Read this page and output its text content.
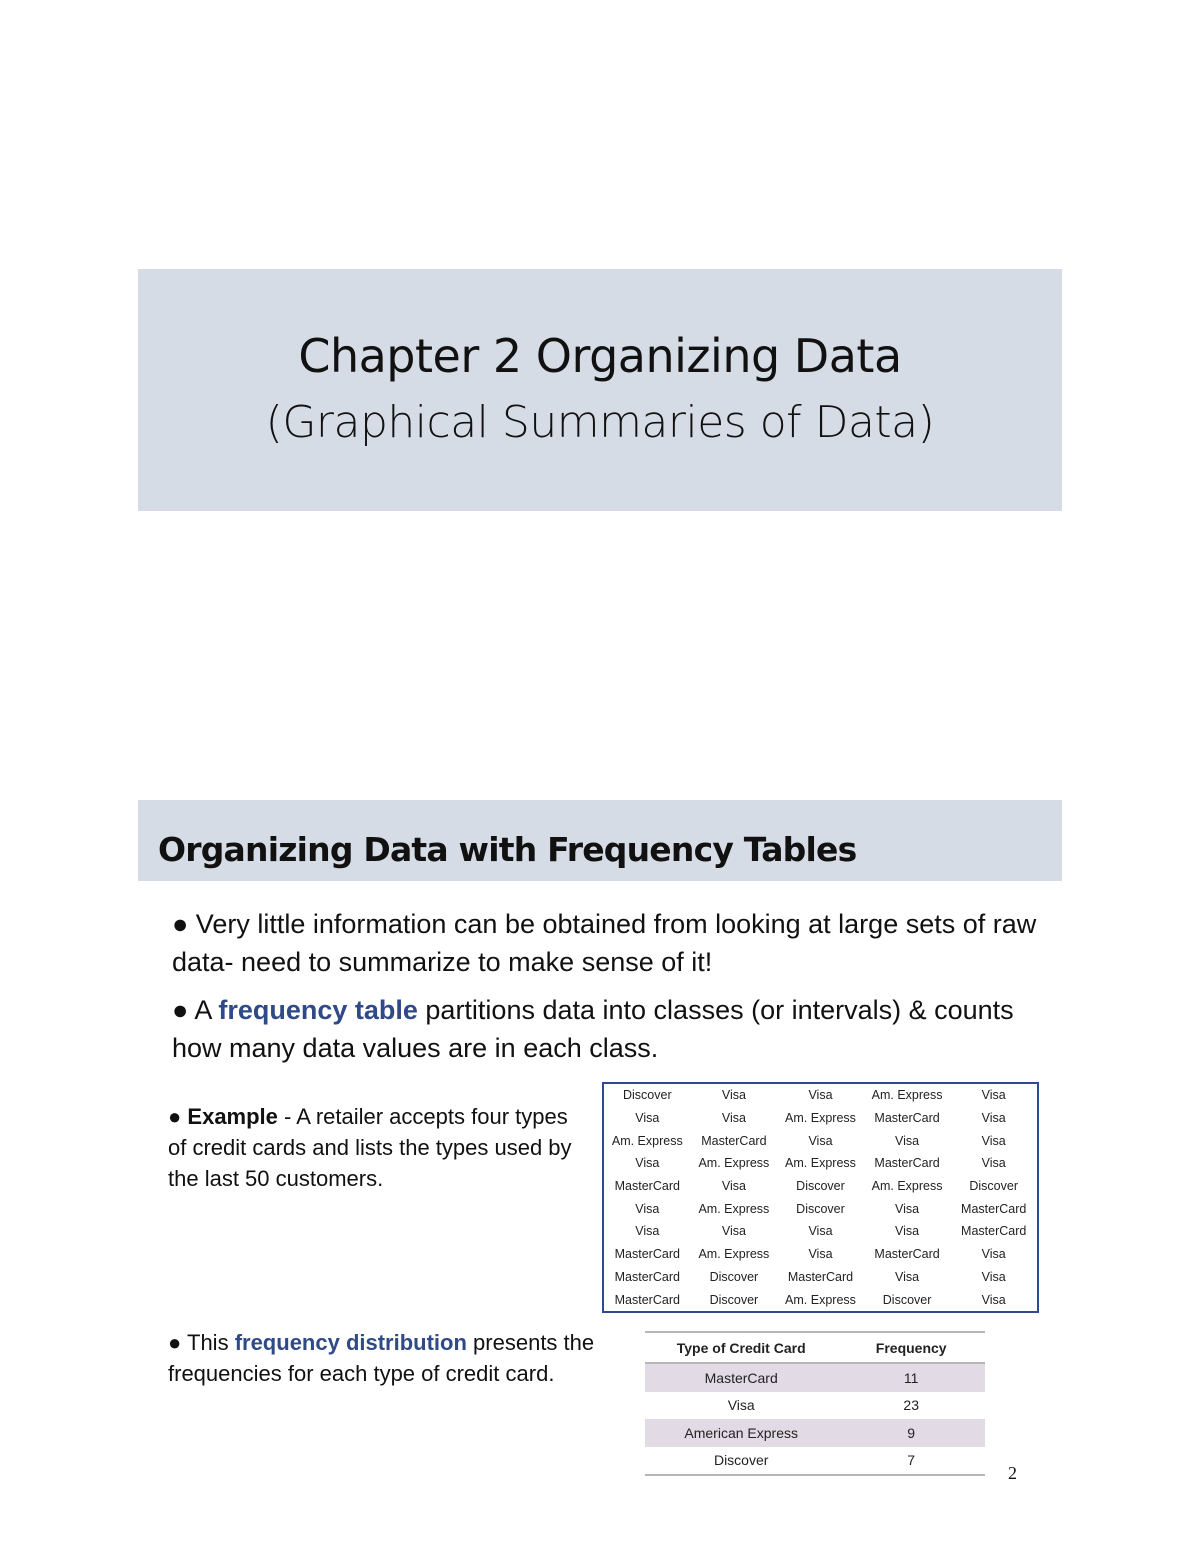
Chapter 2 Organizing Data
(Graphical Summaries of Data)
Organizing Data with Frequency Tables
● Very little information can be obtained from looking at large sets of raw data- need to summarize to make sense of it!
● A frequency table partitions data into classes (or intervals) & counts how many data values are in each class.
● Example - A retailer accepts four types of credit cards and lists the types used by the last 50 customers.
Discover	Visa	Visa	Am. Express	Visa
Visa	Visa	Am. Express	MasterCard	Visa
Am. Express	MasterCard	Visa	Visa	Visa
Visa	Am. Express	Am. Express	MasterCard	Visa
MasterCard	Visa	Discover	Am. Express	Discover
Visa	Am. Express	Discover	Visa	MasterCard
Visa	Visa	Visa	Visa	MasterCard
MasterCard	Am. Express	Visa	MasterCard	Visa
MasterCard	Discover	MasterCard	Visa	Visa
MasterCard	Discover	Am. Express	Discover	Visa
● This frequency distribution presents the frequencies for each type of credit card.
Type of Credit Card	Frequency
MasterCard	11
Visa	23
American Express	9
Discover	7
2
